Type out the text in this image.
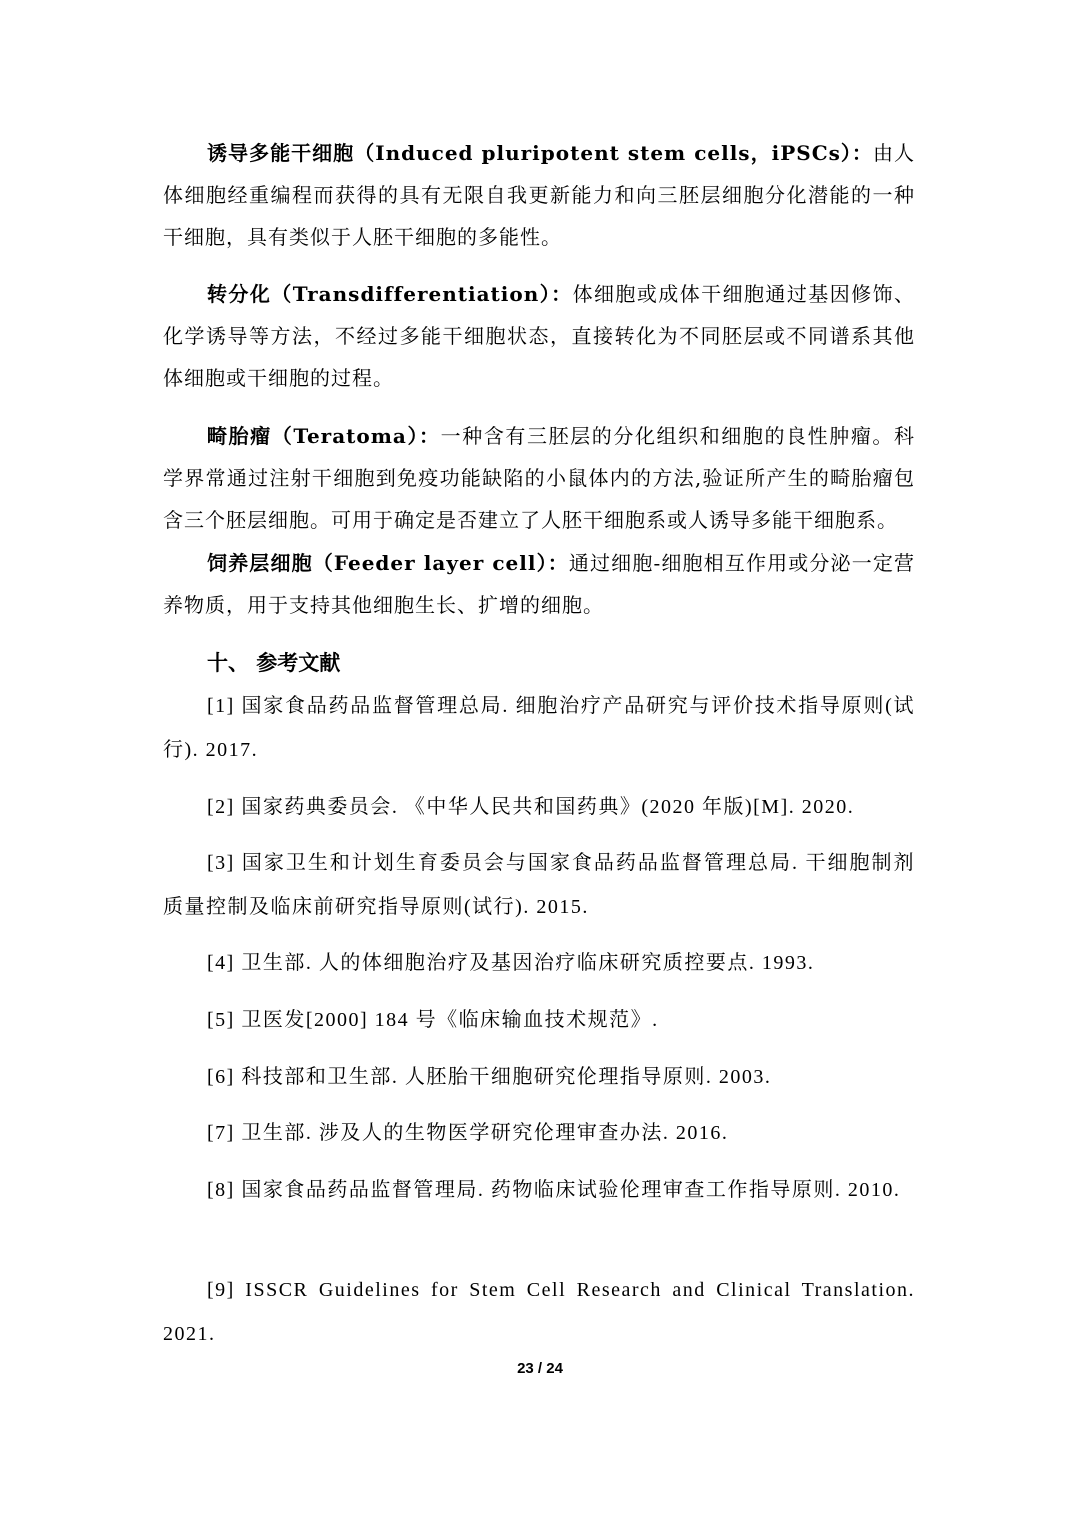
诱导多能干细胞（Induced pluripotent stem cells，iPSCs）：由人体细胞经重编程而获得的具有无限自我更新能力和向三胚层细胞分化潜能的一种干细胞，具有类似于人胚干细胞的多能性。

转分化（Transdifferentiation）：体细胞或成体干细胞通过基因修饰、化学诱导等方法，不经过多能干细胞状态，直接转化为不同胚层或不同谱系其他体细胞或干细胞的过程。

畸胎瘤（Teratoma）：一种含有三胚层的分化组织和细胞的良性肿瘤。科学界常通过注射干细胞到免疫功能缺陷的小鼠体内的方法,验证所产生的畸胎瘤包含三个胚层细胞。可用于确定是否建立了人胚干细胞系或人诱导多能干细胞系。

饲养层细胞（Feeder layer cell）：通过细胞-细胞相互作用或分泌一定营养物质，用于支持其他细胞生长、扩增的细胞。

十、 参考文献

[1] 国家食品药品监督管理总局. 细胞治疗产品研究与评价技术指导原则(试行). 2017.

[2] 国家药典委员会. 《中华人民共和国药典》(2020 年版)[M]. 2020.

[3] 国家卫生和计划生育委员会与国家食品药品监督管理总局. 干细胞制剂质量控制及临床前研究指导原则(试行). 2015.

[4] 卫生部. 人的体细胞治疗及基因治疗临床研究质控要点. 1993.

[5] 卫医发[2000] 184 号《临床输血技术规范》.

[6] 科技部和卫生部. 人胚胎干细胞研究伦理指导原则. 2003.

[7] 卫生部. 涉及人的生物医学研究伦理审查办法. 2016.

[8] 国家食品药品监督管理局. 药物临床试验伦理审查工作指导原则. 2010.

[9] ISSCR Guidelines for Stem Cell Research and Clinical Translation. 2021.

23 / 24
